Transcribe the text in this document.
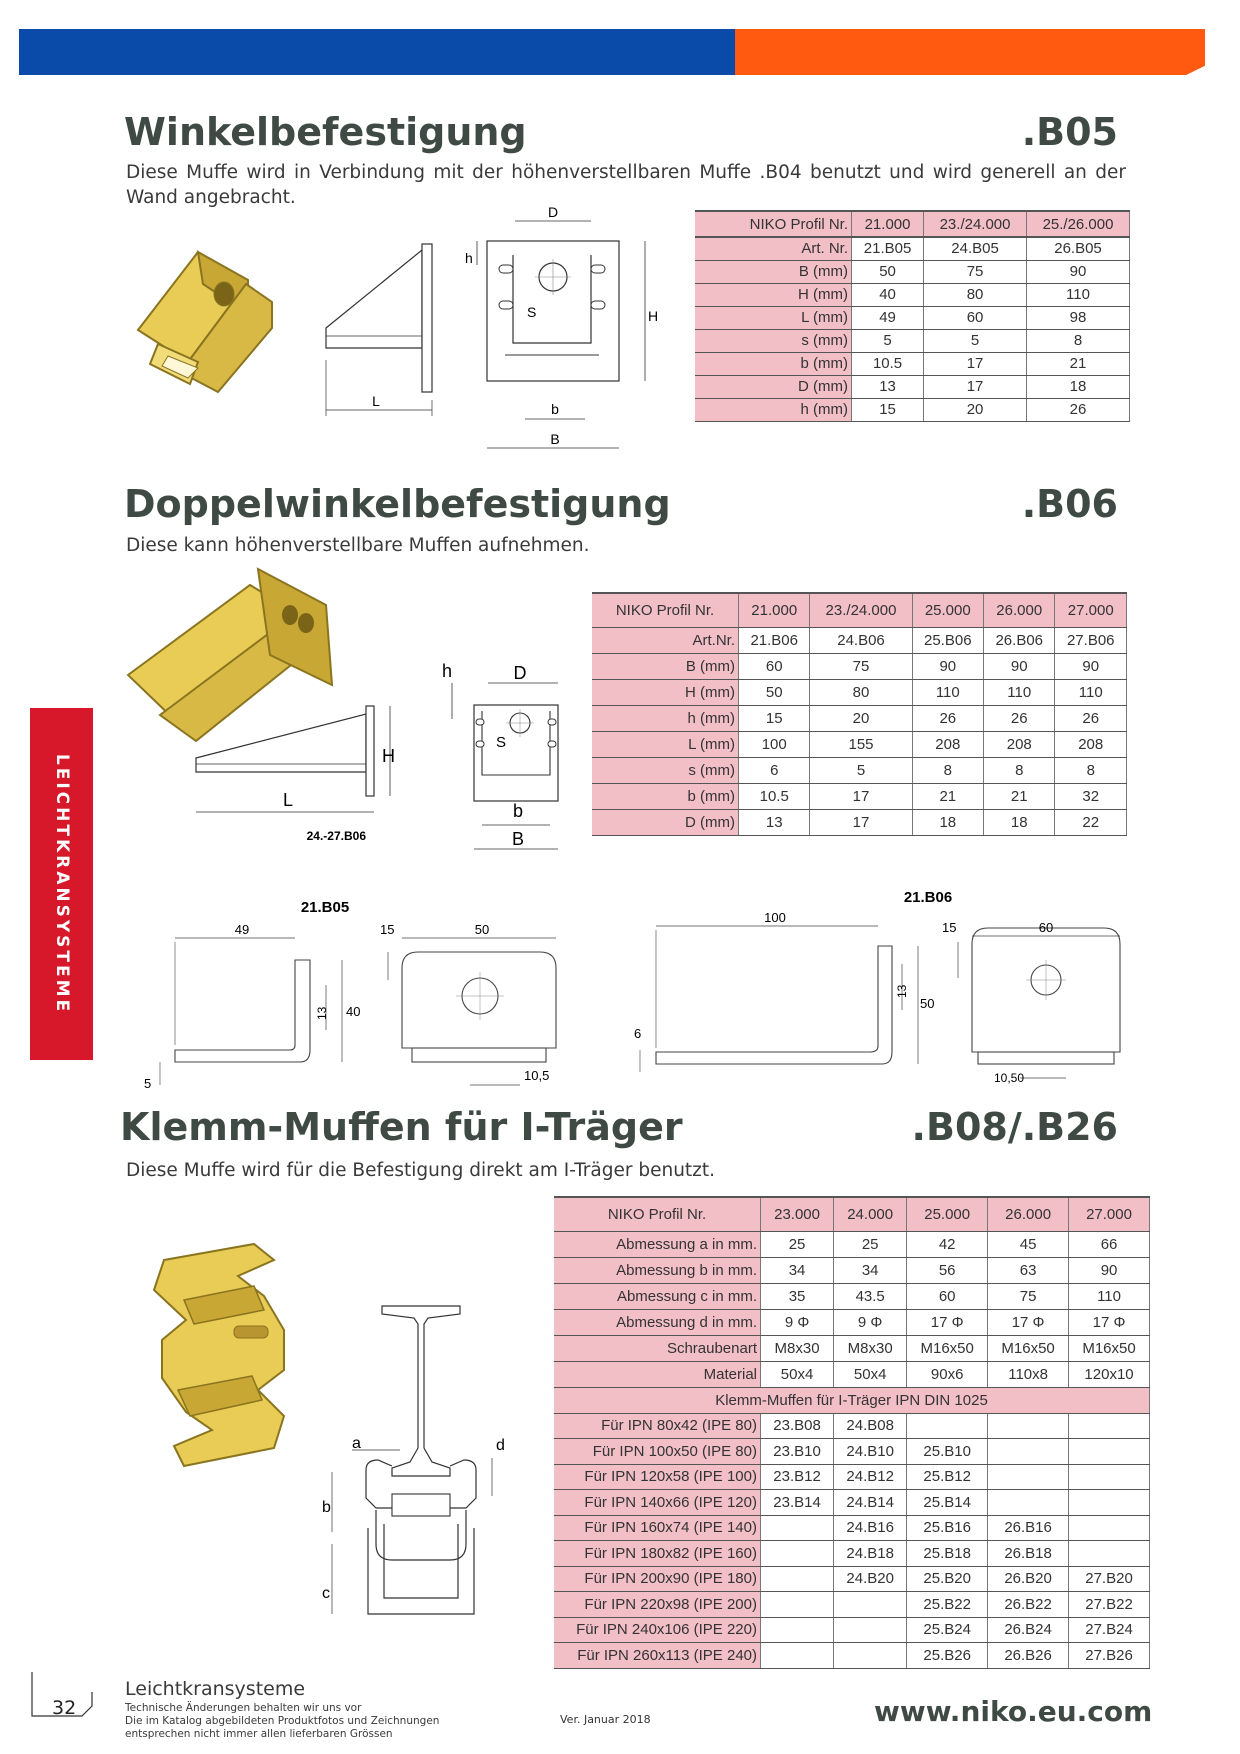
LEICHTKRANSYSTEME
Winkelbefestigung	.B05

Diese Muffe wird in Verbindung mit der höhenverstellbaren Muffe .B04 benutzt und wird generell an der Wand angebracht.

L
D
h
S	H
b
B
NIKO Profil Nr.	21.000	23./24.000	25./26.000
Art. Nr.	21.B05	24.B05	26.B05
B (mm)	50	75	90
H (mm)	40	80	110
L (mm)	49	60	98
s (mm)	5	5	8
b (mm)	10.5	17	21
D (mm)	13	17	18
h (mm)	15	20	26
Doppelwinkelbefestigung	.B06

Diese kann höhenverstellbare Muffen aufnehmen.

H
L
24.-27.B06
D
h
S
b
B
NIKO Profil Nr.	21.000	23./24.000	25.000	26.000	27.000
Art.Nr.	21.B06	24.B06	25.B06	26.B06	27.B06
B (mm)	60	75	90	90	90
H (mm)	50	80	110	110	110
h (mm)	15	20	26	26	26
L (mm)	100	155	208	208	208
s (mm)	6	5	8	8	8
b (mm)	10.5	17	21	21	32
D (mm)	13	17	18	18	22
21.B05
49
40
13
5
50
15
10,5
21.B06
100
50
13
6
60
15
10,50
Klemm-Muffen für I-Träger	.B08/.B26

Diese Muffe wird für die Befestigung direkt am I-Träger benutzt.

a	d
b
c
NIKO Profil Nr.	23.000	24.000	25.000	26.000	27.000
Abmessung a in mm.	25	25	42	45	66
Abmessung b in mm.	34	34	56	63	90
Abmessung c in mm.	35	43.5	60	75	110
Abmessung d in mm.	9 Φ	9 Φ	17 Φ	17 Φ	17 Φ
Schraubenart	M8x30	M8x30	M16x50	M16x50	M16x50
Material	50x4	50x4	90x6	110x8	120x10
Klemm-Muffen für I-Träger IPN DIN 1025					
Für IPN 80x42 (IPE 80)	23.B08	24.B08			
Für IPN 100x50 (IPE 80)	23.B10	24.B10	25.B10		
Für IPN 120x58 (IPE 100)	23.B12	24.B12	25.B12		
Für IPN 140x66 (IPE 120)	23.B14	24.B14	25.B14		
Für IPN 160x74 (IPE 140)		24.B16	25.B16	26.B16	
Für IPN 180x82 (IPE 160)		24.B18	25.B18	26.B18	
Für IPN 200x90 (IPE 180)		24.B20	25.B20	26.B20	27.B20
Für IPN 220x98 (IPE 200)			25.B22	26.B22	27.B22
Für IPN 240x106 (IPE 220)			25.B24	26.B24	27.B24
Für IPN 260x113 (IPE 240)			25.B26	26.B26	27.B26
32
Leichtkransysteme
Technische Änderungen behalten wir uns vor
Die im Katalog abgebildeten Produktfotos und Zeichnungen
entsprechen nicht immer allen lieferbaren Grössen
Ver. Januar 2018	www.niko.eu.com
